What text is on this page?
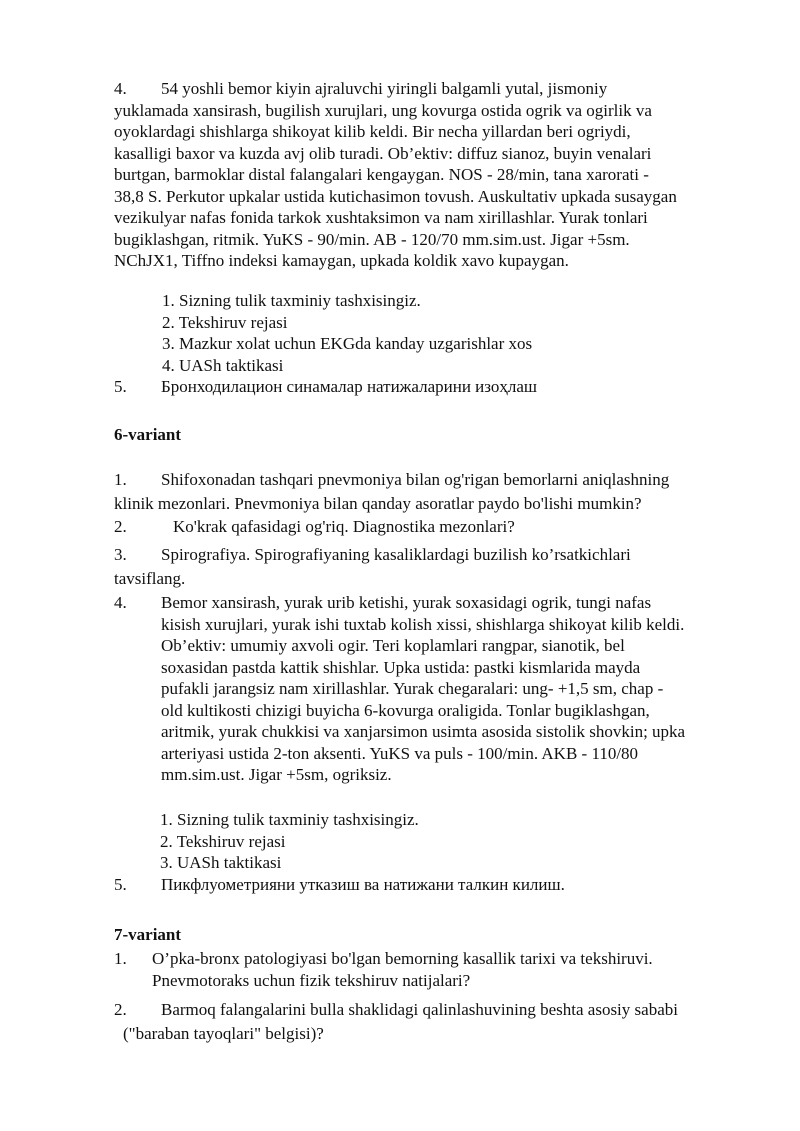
4.	54 yoshli bemor kiyin ajraluvchi yiringli balgamli yutal, jismoniy
yuklamada xansirash, bugilish xurujlari, ung kovurga ostida ogrik va ogirlik va
oyoklardagi shishlarga shikoyat kilib keldi. Bir necha yillardan beri ogriydi,
kasalligi baxor va kuzda avj olib turadi. Ob’ektiv: diffuz sianoz, buyin venalari
burtgan, barmoklar distal falangalari kengaygan. NOS - 28/min, tana xarorati -
38,8 S. Perkutor upkalar ustida kutichasimon tovush. Auskultativ upkada susaygan
vezikulyar nafas fonida tarkok xushtaksimon va nam xirillashlar. Yurak tonlari
bugiklashgan, ritmik. YuKS - 90/min. AB - 120/70 mm.sim.ust. Jigar +5sm.
NChJX1, Tiffno indeksi kamaygan, upkada koldik xavo kupaygan.
1. Sizning tulik taxminiy tashxisingiz.
2. Tekshiruv rejasi
3. Mazkur xolat uchun EKGda kanday uzgarishlar xos
4. UASh taktikasi
5. Бронходилацион синамалар натижаларини изоҳлаш
6-variant
1.	Shifoxonadan tashqari pnevmoniya bilan og'rigan bemorlarni aniqlashning
klinik mezonlari. Pnevmoniya bilan qanday asoratlar paydo bo'lishi mumkin?
2.	Ko'krak qafasidagi og'riq. Diagnostika mezonlari?
3.	Spirografiya. Spirografiyaning kasaliklardagi buzilish ko’rsatkichlari
tavsiflang.
4. Bemor xansirash, yurak urib ketishi, yurak soxasidagi ogrik, tungi nafas
kisish xurujlari, yurak ishi tuxtab kolish xissi, shishlarga shikoyat kilib keldi.
Ob’ektiv: umumiy axvoli ogir. Teri koplamlari rangpar, sianotik, bel
soxasidan pastda kattik shishlar. Upka ustida: pastki kismlarida mayda
pufakli jarangsiz nam xirillashlar. Yurak chegaralari: ung- +1,5 sm, chap -
old kultikosti chizigi buyicha 6-kovurga oraligida. Tonlar bugiklashgan,
aritmik, yurak chukkisi va xanjarsimon usimta asosida sistolik shovkin; upka
arteriyasi ustida 2-ton aksenti. YuKS va puls - 100/min. AKB - 110/80
mm.sim.ust. Jigar +5sm, ogriksiz.
1. Sizning tulik taxminiy tashxisingiz.
2. Tekshiruv rejasi
3. UASh taktikasi
5. Пикфлуометрияни утказиш ва натижани талкин килиш.
7-variant
1. O’pka-bronx patologiyasi bo'lgan bemorning kasallik tarixi va tekshiruvi.
Pnevmotoraks uchun fizik tekshiruv natijalari?
2.	Barmoq falangalarini bulla shaklidagi qalinlashuvining beshta asosiy sababi
("baraban tayoqlari" belgisi)?
